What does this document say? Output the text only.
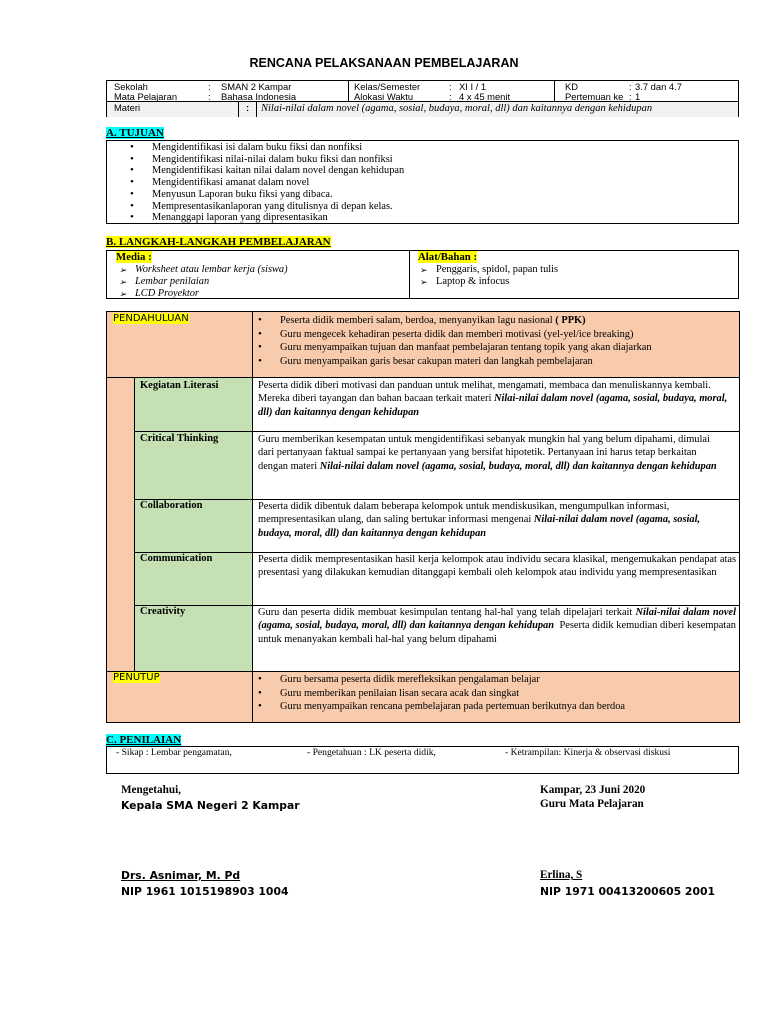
RENCANA PELAKSANAAN PEMBELAJARAN
Sekolah	: SMAN 2 Kampar
Mata Pelajaran	: Bahasa Indonesia
Kelas/Semester	: XI I / 1
Alokasi Waktu	: 4 x 45 menit
KD	: 3.7 dan 4.7
Pertemuan ke : 1
Materi	:	Nilai-nilai dalam novel (agama, sosial, budaya, moral, dll) dan kaitannya dengan kehidupan
A. TUJUAN
• Mengidentifikasi isi dalam buku fiksi dan nonfiksi
• Mengidentifikasi nilai-nilai dalam buku fiksi dan nonfiksi
• Mengidentifikasi kaitan nilai dalam novel dengan kehidupan
• Mengidentifikasi amanat dalam novel
• Menyusun Laporan buku fiksi yang dibaca.
• Mempresentasikanlaporan yang ditulisnya di depan kelas.
• Menanggapi laporan yang dipresentasikan
B. LANGKAH-LANGKAH PEMBELAJARAN
Media :
➢ Worksheet atau lembar kerja (siswa)
➢ Lembar penilaian
➢ LCD Proyektor
Alat/Bahan :
➢ Penggaris, spidol, papan tulis
➢ Laptop & infocus
PENDAHULUAN	• Peserta didik memberi salam, berdoa, menyanyikan lagu nasional ( PPK)
• Guru mengecek kehadiran peserta didik dan memberi motivasi (yel-yel/ice breaking)
• Guru menyampaikan tujuan dan manfaat pembelajaran tentang topik yang akan diajarkan
• Guru menyampaikan garis besar cakupan materi dan langkah pembelajaran
Kegiatan Literasi	Peserta didik diberi motivasi dan panduan untuk melihat, mengamati, membaca dan menuliskannya kembali. Mereka diberi tayangan dan bahan bacaan terkait materi Nilai-nilai dalam novel (agama, sosial, budaya, moral, dll) dan kaitannya dengan kehidupan
Critical Thinking	Guru memberikan kesempatan untuk mengidentifikasi sebanyak mungkin hal yang belum dipahami, dimulai dari pertanyaan faktual sampai ke pertanyaan yang bersifat hipotetik. Pertanyaan ini harus tetap berkaitan dengan materi Nilai-nilai dalam novel (agama, sosial, budaya, moral, dll) dan kaitannya dengan kehidupan
Collaboration	Peserta didik dibentuk dalam beberapa kelompok untuk mendiskusikan, mengumpulkan informasi, mempresentasikan ulang, dan saling bertukar informasi mengenai Nilai-nilai dalam novel (agama, sosial, budaya, moral, dll) dan kaitannya dengan kehidupan
Communication	Peserta didik mempresentasikan hasil kerja kelompok atau individu secara klasikal, mengemukakan pendapat atas presentasi yang dilakukan kemudian ditanggapi kembali oleh kelompok atau individu yang mempresentasikan
Creativity	Guru dan peserta didik membuat kesimpulan tentang hal-hal yang telah dipelajari terkait Nilai-nilai dalam novel (agama, sosial, budaya, moral, dll) dan kaitannya dengan kehidupan Peserta didik kemudian diberi kesempatan untuk menanyakan kembali hal-hal yang belum dipahami
PENUTUP	• Guru bersama peserta didik merefleksikan pengalaman belajar
• Guru memberikan penilaian lisan secara acak dan singkat
• Guru menyampaikan rencana pembelajaran pada pertemuan berikutnya dan berdoa
C. PENILAIAN
- Sikap : Lembar pengamatan,	- Pengetahuan : LK peserta didik,	- Ketrampilan: Kinerja & observasi diskusi
Mengetahui,
Kepala SMA Negeri 2 Kampar
Drs. Asnimar, M. Pd
NIP 1961 1015198903 1004
Kampar, 23 Juni 2020
Guru Mata Pelajaran
Erlina, S
NIP 1971 00413200605 2001
